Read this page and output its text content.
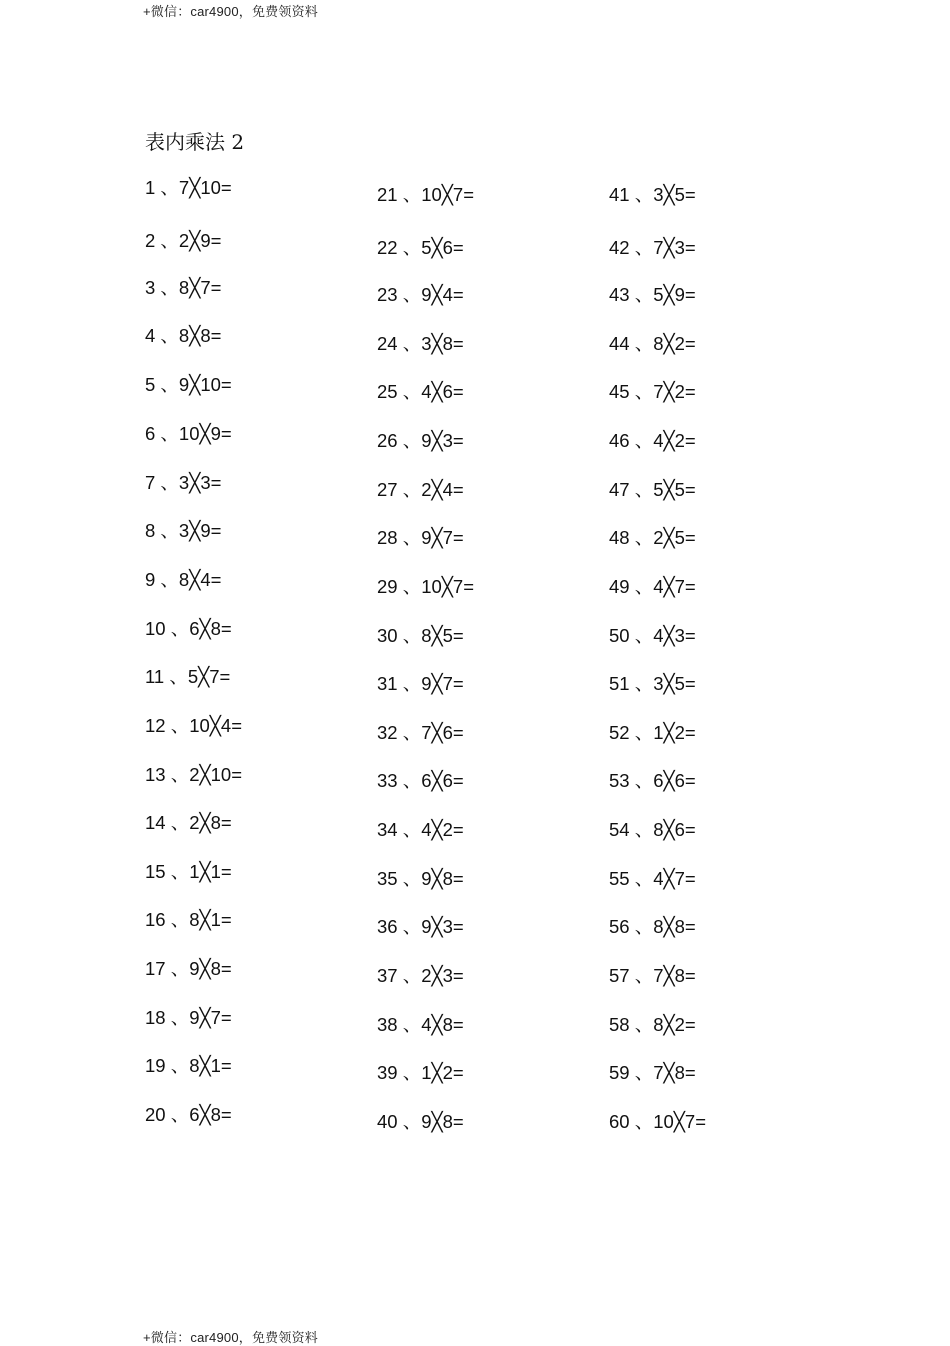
+微信：car4900，免费领资料
表内乘法 2
1 、7╳10=
2 、2╳9=
3 、8╳7=
4 、8╳8=
5 、9╳10=
6 、10╳9=
7 、3╳3=
8 、3╳9=
9 、8╳4=
10 、6╳8=
11 、5╳7=
12 、10╳4=
13 、2╳10=
14 、2╳8=
15 、1╳1=
16 、8╳1=
17 、9╳8=
18 、9╳7=
19 、8╳1=
20 、6╳8=
21 、10╳7=
22 、5╳6=
23 、9╳4=
24 、3╳8=
25 、4╳6=
26 、9╳3=
27 、2╳4=
28 、9╳7=
29 、10╳7=
30 、8╳5=
31 、9╳7=
32 、7╳6=
33 、6╳6=
34 、4╳2=
35 、9╳8=
36 、9╳3=
37 、2╳3=
38 、4╳8=
39 、1╳2=
40 、9╳8=
41 、3╳5=
42 、7╳3=
43 、5╳9=
44 、8╳2=
45 、7╳2=
46 、4╳2=
47 、5╳5=
48 、2╳5=
49 、4╳7=
50 、4╳3=
51 、3╳5=
52 、1╳2=
53 、6╳6=
54 、8╳6=
55 、4╳7=
56 、8╳8=
57 、7╳8=
58 、8╳2=
59 、7╳8=
60 、10╳7=
+微信：car4900，免费领资料
